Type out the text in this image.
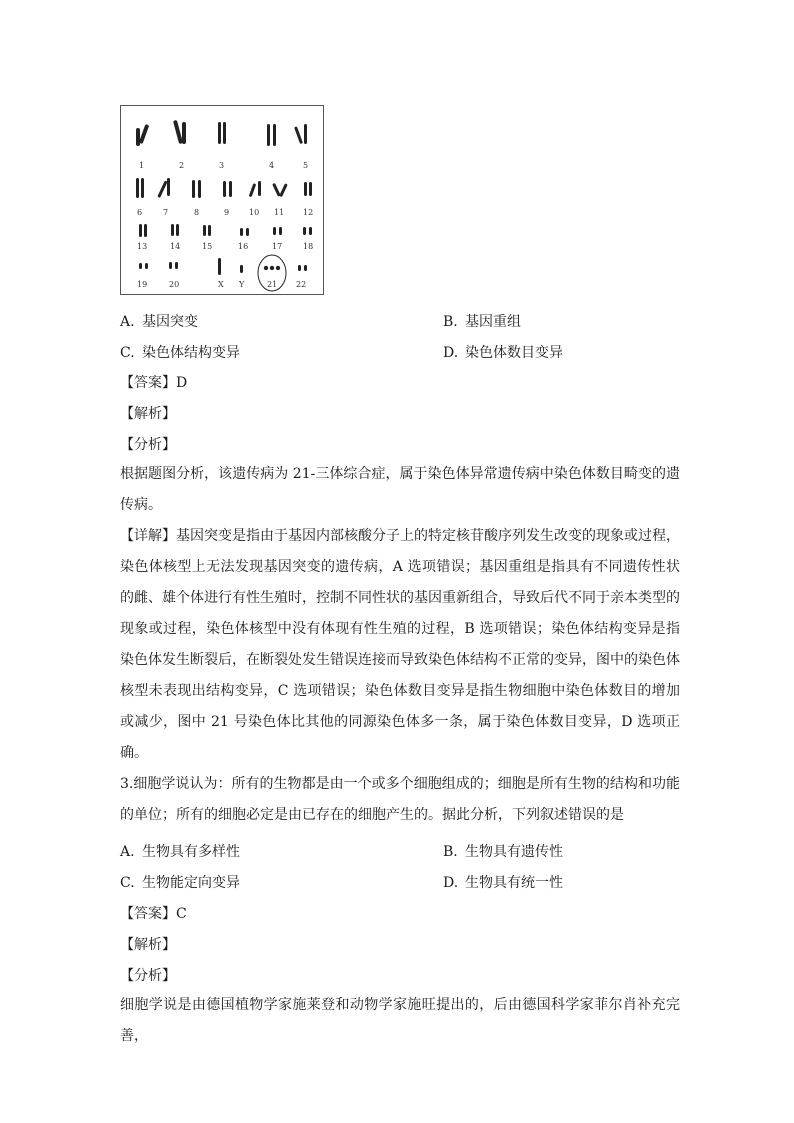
1	2	3	4	5
6	7	8	9 10 11 12
13	14	15	16	17	18
19	20	X Y	21 22
A. 基因突变	B. 基因重组
C. 染色体结构变异	D. 染色体数目变异
【答案】D
【解析】
【分析】
根据题图分析，该遗传病为 21-三体综合症，属于染色体异常遗传病中染色体数目畸变的遗传病。
【详解】基因突变是指由于基因内部核酸分子上的特定核苷酸序列发生改变的现象或过程，染色体核型上无法发现基因突变的遗传病，A 选项错误；基因重组是指具有不同遗传性状的雌、雄个体进行有性生殖时，控制不同性状的基因重新组合，导致后代不同于亲本类型的现象或过程，染色体核型中没有体现有性生殖的过程，B 选项错误；染色体结构变异是指染色体发生断裂后，在断裂处发生错误连接而导致染色体结构不正常的变异，图中的染色体核型未表现出结构变异，C 选项错误；染色体数目变异是指生物细胞中染色体数目的增加或减少，图中 21 号染色体比其他的同源染色体多一条，属于染色体数目变异，D 选项正确。
3.细胞学说认为：所有的生物都是由一个或多个细胞组成的；细胞是所有生物的结构和功能的单位；所有的细胞必定是由已存在的细胞产生的。据此分析，下列叙述错误的是
A. 生物具有多样性	B. 生物具有遗传性
C. 生物能定向变异	D. 生物具有统一性
【答案】C
【解析】
【分析】
细胞学说是由德国植物学家施莱登和动物学家施旺提出的，后由德国科学家菲尔肖补充完善，
